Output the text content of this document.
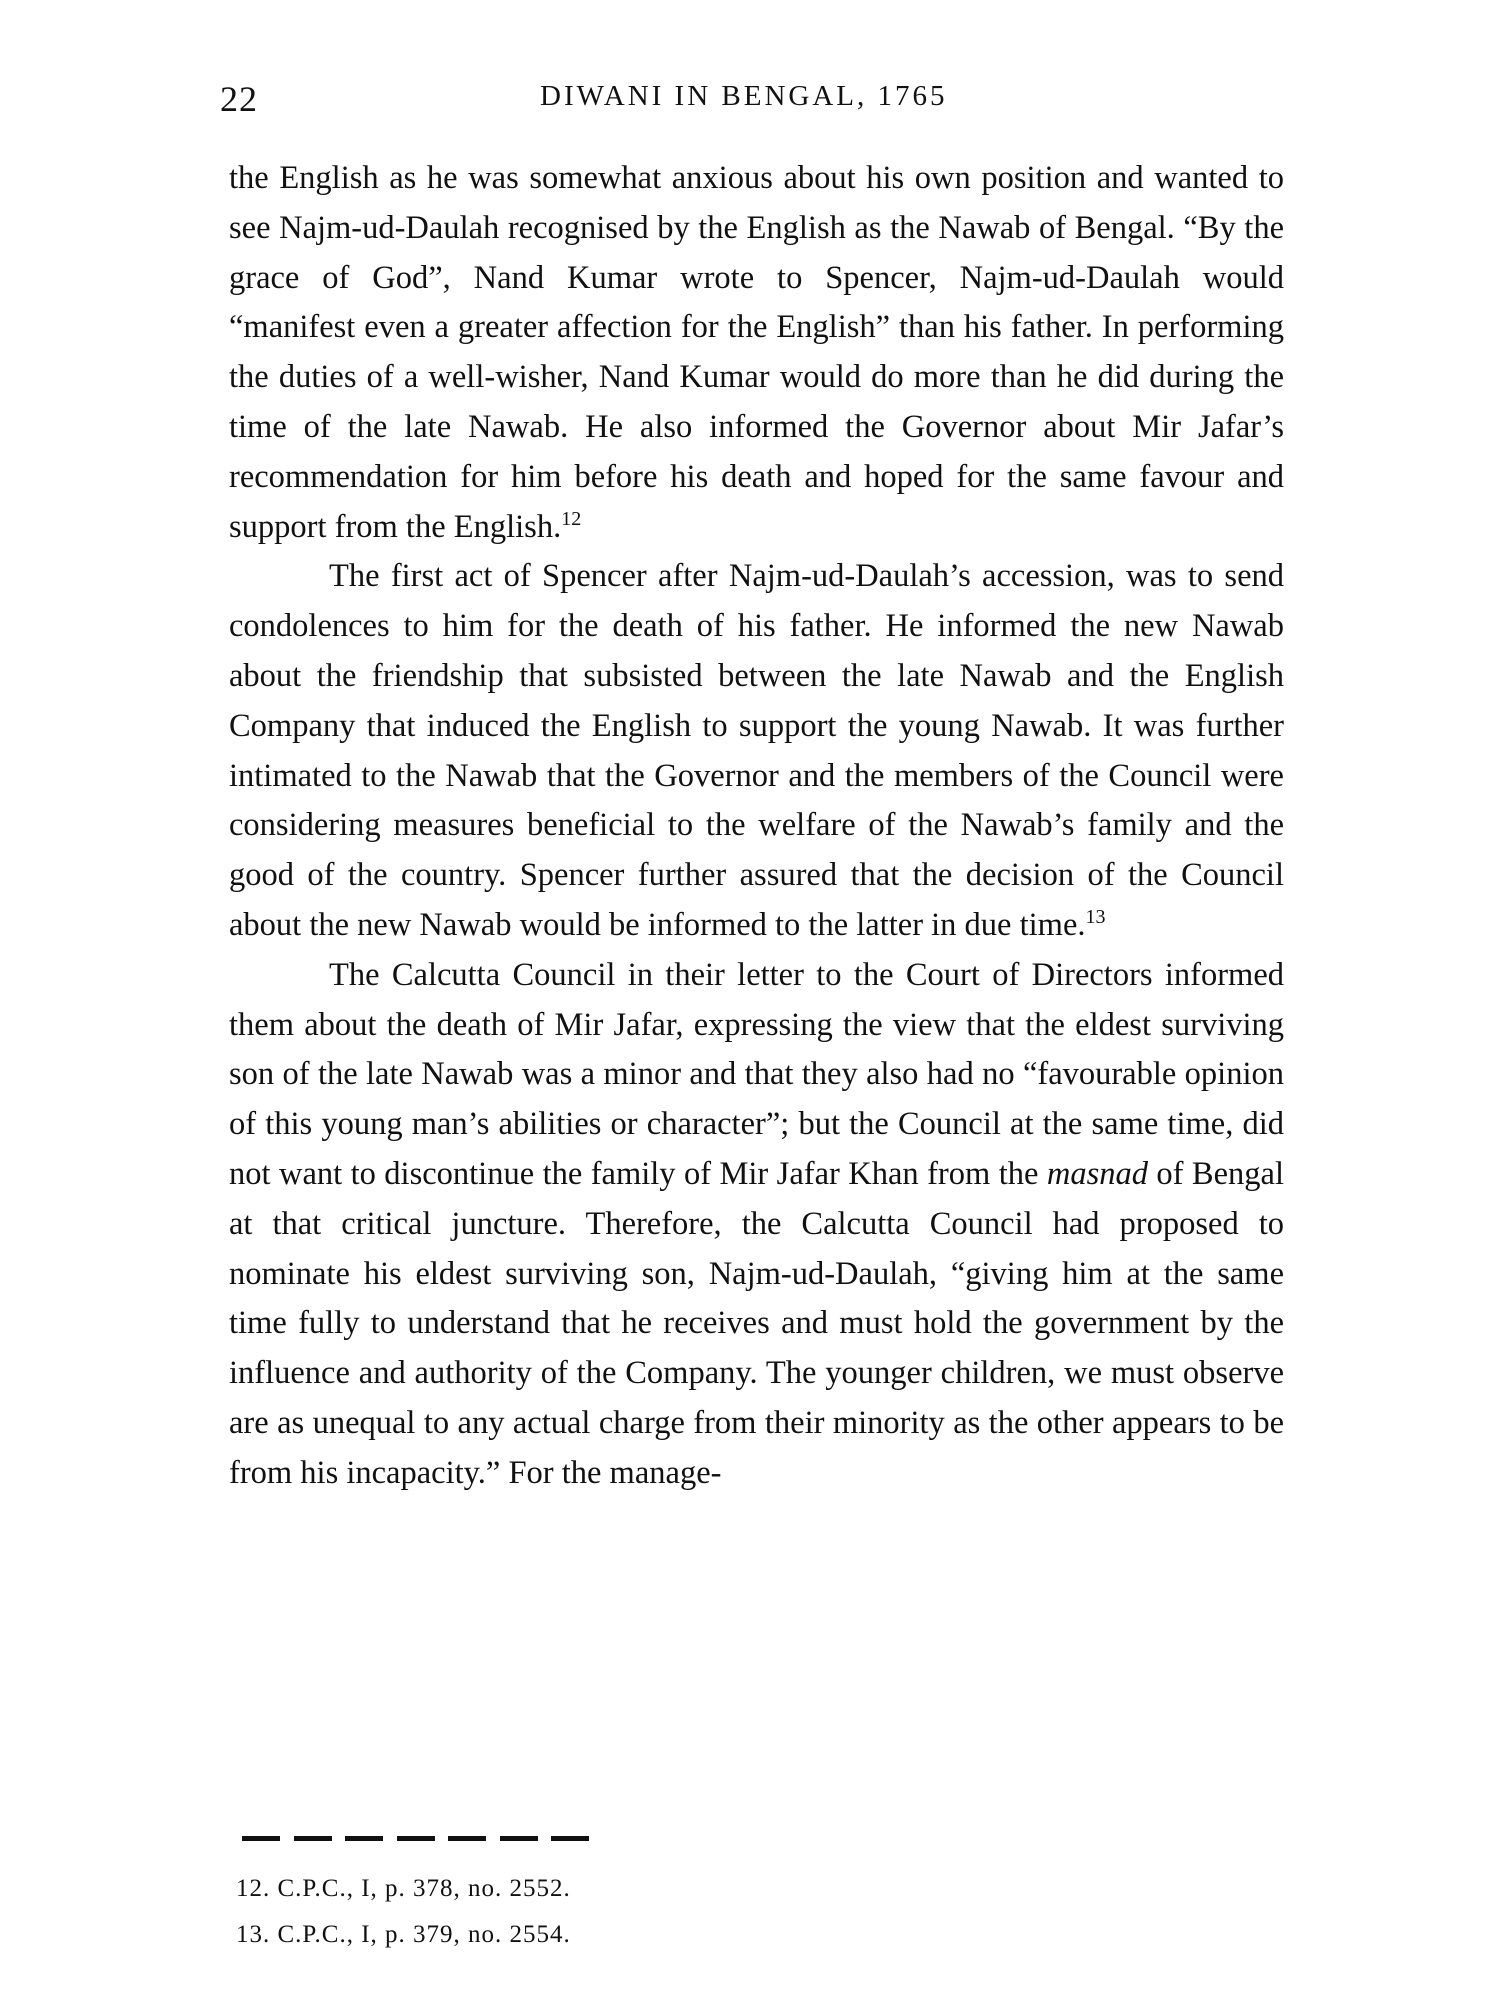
22	DIWANI IN BENGAL, 1765

the English as he was somewhat anxious about his own position and wanted to see Najm-ud-Daulah recognised by the English as the Nawab of Bengal. “By the grace of God”, Nand Kumar wrote to Spencer, Najm-ud-Daulah would “manifest even a greater affection for the English” than his father. In performing the duties of a well-wisher, Nand Kumar would do more than he did during the time of the late Nawab. He also informed the Governor about Mir Jafar’s recommendation for him before his death and hoped for the same favour and support from the English.$^{12}$

The first act of Spencer after Najm-ud-Daulah’s accession, was to send condolences to him for the death of his father. He informed the new Nawab about the friendship that subsisted between the late Nawab and the English Company that induced the English to support the young Nawab. It was further intimated to the Nawab that the Governor and the members of the Council were considering measures beneficial to the welfare of the Nawab’s family and the good of the country. Spencer further assured that the decision of the Council about the new Nawab would be informed to the latter in due time.$^{13}$

The Calcutta Council in their letter to the Court of Directors informed them about the death of Mir Jafar, expressing the view that the eldest surviving son of the late Nawab was a minor and that they also had no “favourable opinion of this young man’s abilities or character”; but the Council at the same time, did not want to discontinue the family of Mir Jafar Khan from the masnad of Bengal at that critical juncture. Therefore, the Calcutta Council had proposed to nominate his eldest surviving son, Najm-ud-Daulah, “giving him at the same time fully to understand that he receives and must hold the government by the influence and authority of the Company. The younger children, we must observe are as unequal to any actual charge from their minority as the other appears to be from his incapacity.” For the manage-

12. C.P.C., I, p. 378, no. 2552.
13. C.P.C., I, p. 379, no. 2554.
